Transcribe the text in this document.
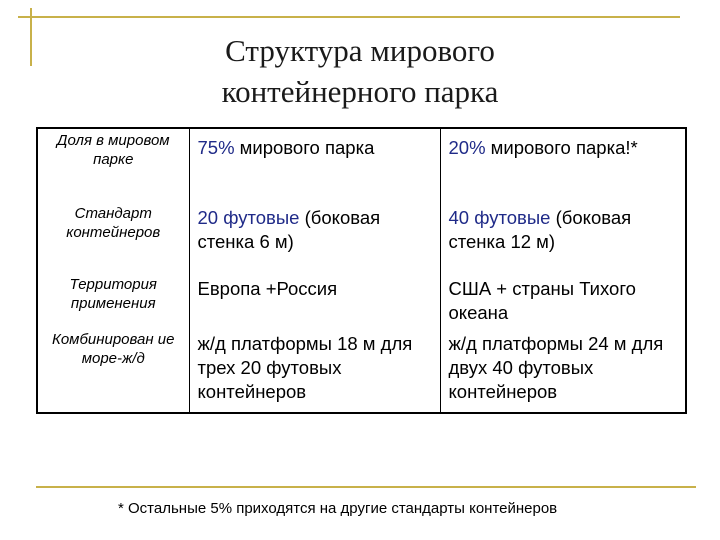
Структура мирового
контейнерного парка
Доля в мировом парке	75% мирового парка	20% мирового парка!*

Стандарт контейнеров	20 футовые (боковая стенка 6 м)	40 футовые (боковая стенка 12 м)

Территория применения	Европа +Россия	США + страны Тихого океана

Комбинирован ие море-ж/д	ж/д платформы 18 м для трех 20 футовых контейнеров	ж/д платформы 24 м для двух 40 футовых контейнеров
* Остальные 5% приходятся на другие стандарты контейнеров
